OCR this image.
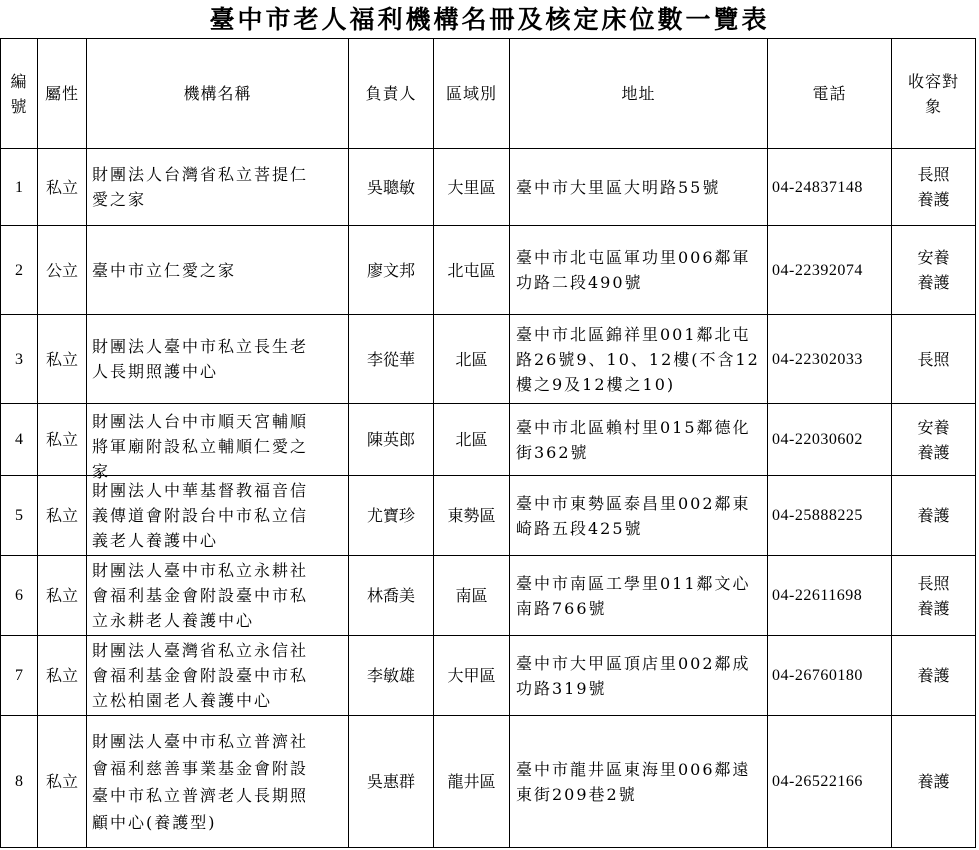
臺中市老人福利機構名冊及核定床位數一覽表
編
號	屬性	機構名稱	負責人	區域別	地址	電話	收容對
象
1	私立	財團法人台灣省私立菩提仁
愛之家	吳聰敏	大里區	臺中市大里區大明路55號	04-24837148	長照
養護
2	公立	臺中市立仁愛之家	廖文邦	北屯區	臺中市北屯區軍功里006鄰軍
功路二段490號	04-22392074	安養
養護
3	私立	財團法人臺中市私立長生老
人長期照護中心	李從華	北區	臺中市北區錦祥里001鄰北屯
路26號9、10、12樓(不含12
樓之9及12樓之10)	04-22302033	長照
4	私立	財團法人台中市順天宮輔順
將軍廟附設私立輔順仁愛之
家	陳英郎	北區	臺中市北區賴村里015鄰德化
街362號	04-22030602	安養
養護
5	私立	財團法人中華基督教福音信
義傳道會附設台中市私立信
義老人養護中心	尤寶珍	東勢區	臺中市東勢區泰昌里002鄰東
崎路五段425號	04-25888225	養護
6	私立	財團法人臺中市私立永耕社
會福利基金會附設臺中市私
立永耕老人養護中心	林喬美	南區	臺中市南區工學里011鄰文心
南路766號	04-22611698	長照
養護
7	私立	財團法人臺灣省私立永信社
會福利基金會附設臺中市私
立松柏園老人養護中心	李敏雄	大甲區	臺中市大甲區頂店里002鄰成
功路319號	04-26760180	養護
8	私立	財團法人臺中市私立普濟社
會福利慈善事業基金會附設
臺中市私立普濟老人長期照
顧中心(養護型)	吳惠群	龍井區	臺中市龍井區東海里006鄰遠
東街209巷2號	04-26522166	養護
